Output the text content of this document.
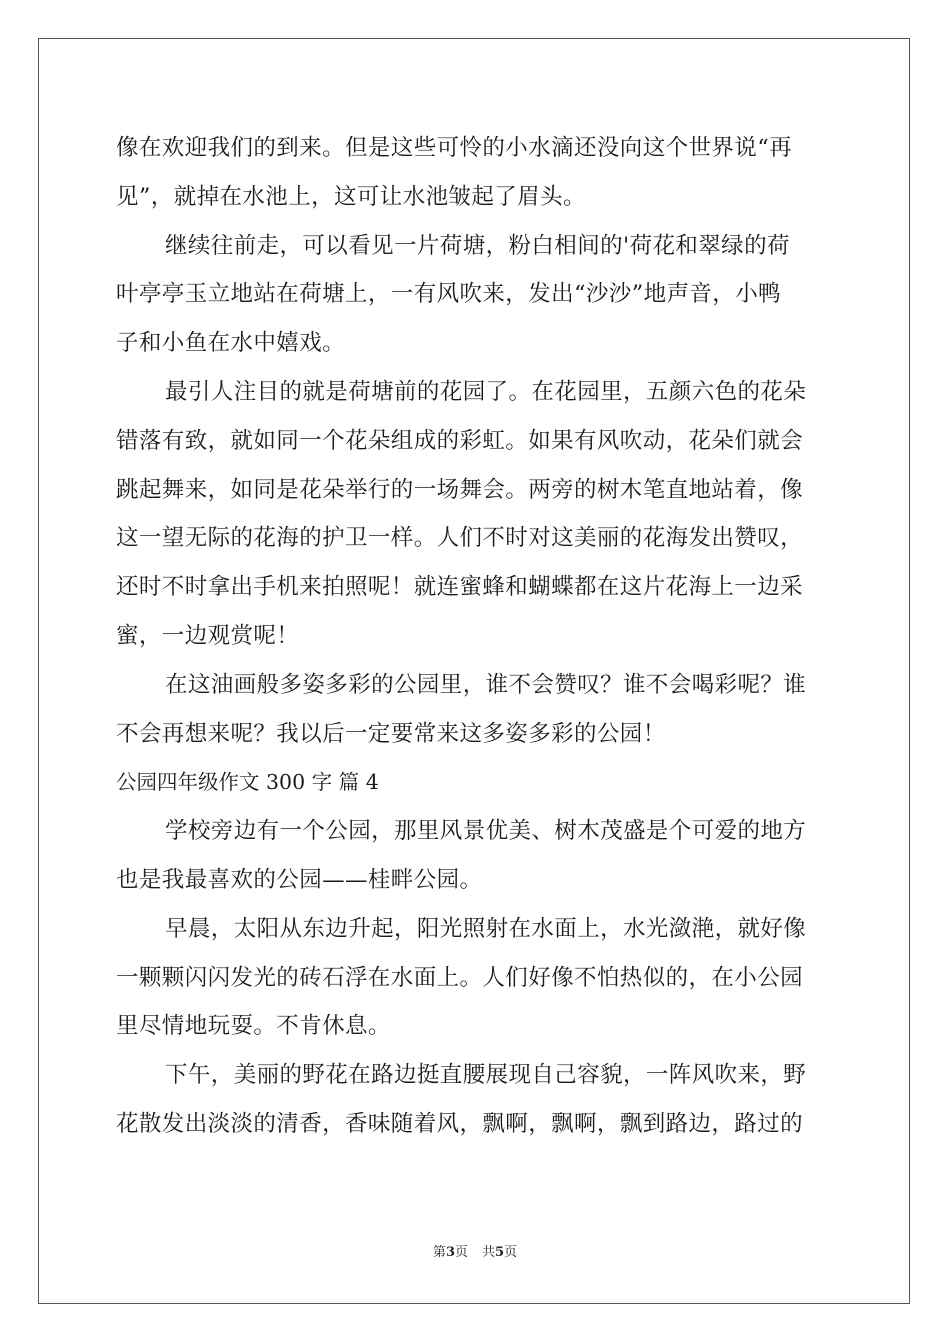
像在欢迎我们的到来。但是这些可怜的小水滴还没向这个世界说“再
见”，就掉在水池上，这可让水池皱起了眉头。
继续往前走，可以看见一片荷塘，粉白相间的'荷花和翠绿的荷
叶亭亭玉立地站在荷塘上，一有风吹来，发出“沙沙”地声音，小鸭
子和小鱼在水中嬉戏。
最引人注目的就是荷塘前的花园了。在花园里，五颜六色的花朵
错落有致，就如同一个花朵组成的彩虹。如果有风吹动，花朵们就会
跳起舞来，如同是花朵举行的一场舞会。两旁的树木笔直地站着，像
这一望无际的花海的护卫一样。人们不时对这美丽的花海发出赞叹，
还时不时拿出手机来拍照呢！就连蜜蜂和蝴蝶都在这片花海上一边采
蜜，一边观赏呢！
在这油画般多姿多彩的公园里，谁不会赞叹？谁不会喝彩呢？谁
不会再想来呢？我以后一定要常来这多姿多彩的公园！
公园四年级作文 300 字 篇 4
学校旁边有一个公园，那里风景优美、树木茂盛是个可爱的地方
也是我最喜欢的公园——桂畔公园。
早晨，太阳从东边升起，阳光照射在水面上，水光潋滟，就好像
一颗颗闪闪发光的砖石浮在水面上。人们好像不怕热似的，在小公园
里尽情地玩耍。不肯休息。
下午，美丽的野花在路边挺直腰展现自己容貌，一阵风吹来，野
花散发出淡淡的清香，香味随着风，飘啊，飘啊，飘到路边，路过的
第3页 共5页
